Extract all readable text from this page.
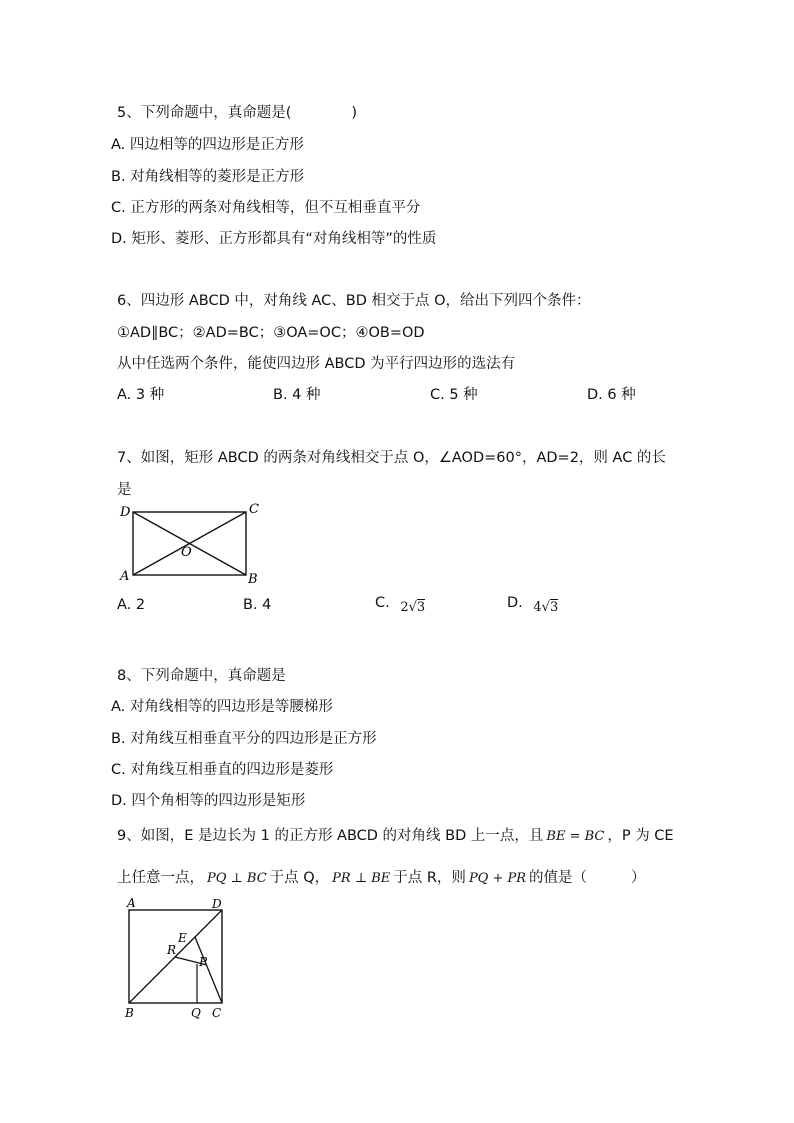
5、下列命题中，真命题是(	)
A. 四边相等的四边形是正方形
B. 对角线相等的菱形是正方形
C. 正方形的两条对角线相等，但不互相垂直平分
D. 矩形、菱形、正方形都具有“对角线相等”的性质
6、四边形 ABCD 中，对角线 AC、BD 相交于点 O，给出下列四个条件：
①AD∥BC；②AD=BC；③OA=OC；④OB=OD
从中任选两个条件，能使四边形 ABCD 为平行四边形的选法有
A. 3 种	B. 4 种	C. 5 种	D. 6 种
7、如图，矩形 ABCD 的两条对角线相交于点 O，∠AOD=60°，AD=2，则 AC 的长
是
D	C
A	B
O
A. 2	B. 4	C. 2√3	D. 4√3
8、下列命题中，真命题是
A. 对角线相等的四边形是等腰梯形
B. 对角线互相垂直平分的四边形是正方形
C. 对角线互相垂直的四边形是菱形
D. 四个角相等的四边形是矩形
9、如图，E 是边长为 1 的正方形 ABCD 的对角线 BD 上一点，且 BE = BC ，P 为 CE
上任意一点， PQ ⊥ BC 于点 Q， PR ⊥ BE 于点 R，则 PQ + PR 的值是（	）
A	D
E
R
P
B	Q C
